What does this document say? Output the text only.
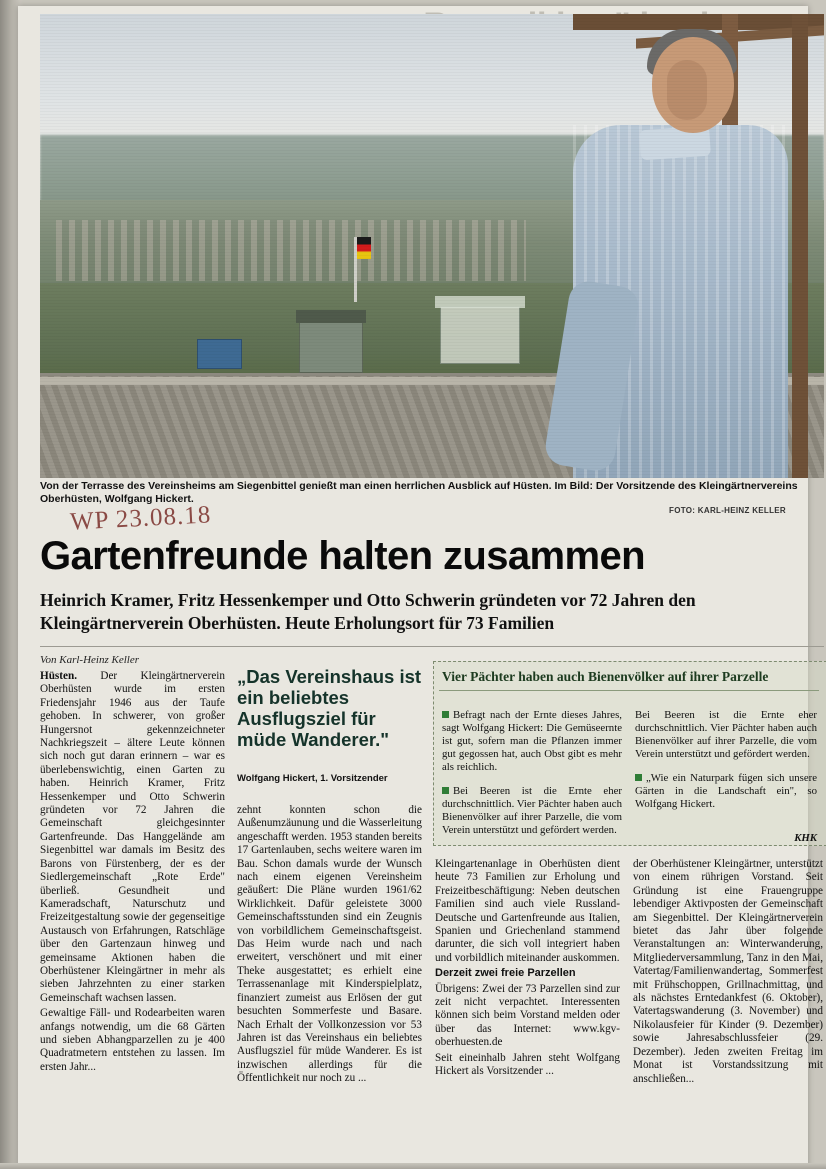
Von der Terrasse des Vereinsheims am Siegenbittel genießt man einen herrlichen Ausblick auf Hüsten. Im Bild: Der Vorsitzende des Kleingärtnervereins Oberhüsten, Wolfgang Hickert.
FOTO: KARL-HEINZ KELLER
WP 23.08.18
Gartenfreunde halten zusammen
Heinrich Kramer, Fritz Hessenkemper und Otto Schwerin gründeten vor 72 Jahren den Kleingärtnerverein Oberhüsten. Heute Erholungsort für 73 Familien
Von Karl-Heinz Keller
„Das Vereinshaus ist ein beliebtes Ausflugsziel für müde Wanderer."
Wolfgang Hickert, 1. Vorsitzender
Vier Pächter haben auch Bienenvölker auf ihrer Parzelle

Befragt nach der Ernte dieses Jahres, sagt Wolfgang Hickert: Die Gemüseernte ist gut, sofern man die Pflanzen immer gut gegossen hat, auch Obst gibt es mehr als reichlich.

Bei Beeren ist die Ernte eher durchschnittlich. Vier Pächter haben auch Bienenvölker auf ihrer Parzelle, die vom Verein unterstützt und gefördert werden.

Bei Beeren ist die Ernte eher durchschnittlich. Vier Pächter haben auch Bienenvölker auf ihrer Parzelle, die vom Verein unterstützt und gefördert werden.

„Wie ein Naturpark fügen sich unsere Gärten in die Landschaft ein", so Wolfgang Hickert.

KHK

Hüsten. Der Kleingärtnerverein Oberhüsten wurde im ersten Friedensjahr 1946 aus der Taufe gehoben. In schwerer, von großer Hungersnot gekennzeichneter Nachkriegszeit – ältere Leute können sich noch gut daran erinnern – war es überlebenswichtig, einen Garten zu haben. Heinrich Kramer, Fritz Hessenkemper und Otto Schwerin gründeten vor 72 Jahren die Gemeinschaft gleichgesinnter Gartenfreunde. Das Hanggelände am Siegenbittel war damals im Besitz des Barons von Fürstenberg, der es der Siedlergemeinschaft „Rote Erde" überließ. Gesundheit und Kameradschaft, Naturschutz und Freizeitgestaltung sowie der gegenseitige Austausch von Erfahrungen, Ratschläge über den Gartenzaun hinweg und gemeinsame Aktionen haben die Oberhüstener Kleingärtner in mehr als sieben Jahrzehnten zu einer starken Gemeinschaft wachsen lassen.

Gewaltige Fäll- und Rodearbeiten waren anfangs notwendig, um die 68 Gärten und sieben Abhangparzellen zu je 400 Quadratmetern entstehen zu lassen. Im ersten Jahr...

zehnt konnten schon die Außenumzäunung und die Wasserleitung angeschafft werden. 1953 standen bereits 17 Gartenlauben, sechs weitere waren im Bau. Schon damals wurde der Wunsch nach einem eigenen Vereinsheim geäußert: Die Pläne wurden 1961/62 Wirklichkeit. Dafür geleistete 3000 Gemeinschaftsstunden sind ein Zeugnis von vorbildlichem Gemeinschaftsgeist. Das Heim wurde nach und nach erweitert, verschönert und mit einer Theke ausgestattet; es erhielt eine Terrassenanlage mit Kinderspielplatz, finanziert zumeist aus Erlösen der gut besuchten Sommerfeste und Basare. Nach Erhalt der Vollkonzession vor 53 Jahren ist das Vereinshaus ein beliebtes Ausflugsziel für müde Wanderer. Es ist inzwischen allerdings für die Öffentlichkeit nur noch zu ...

Kleingartenanlage in Oberhüsten dient heute 73 Familien zur Erholung und Freizeitbeschäftigung: Neben deutschen Familien sind auch viele Russland-Deutsche und Gartenfreunde aus Italien, Spanien und Griechenland stammend darunter, die sich voll integriert haben und vorbildlich miteinander auskommen.

Derzeit zwei freie Parzellen

Übrigens: Zwei der 73 Parzellen sind zur zeit nicht verpachtet. Interessenten können sich beim Vorstand melden oder über das Internet: www.kgv-oberhuesten.de

Seit eineinhalb Jahren steht Wolfgang Hickert als Vorsitzender ...

der Oberhüstener Kleingärtner, unterstützt von einem rührigen Vorstand. Seit Gründung ist eine Frauengruppe lebendiger Aktivposten der Gemeinschaft am Siegenbittel. Der Kleingärtnerverein bietet das Jahr über folgende Veranstaltungen an: Winterwanderung, Mitgliederversammlung, Tanz in den Mai, Vatertag/Familienwandertag, Sommerfest mit Frühschoppen, Grillnachmittag, und als nächstes Erntedankfest (6. Oktober), Vatertagswanderung (3. November) und Nikolausfeier für Kinder (9. Dezember) sowie Jahresabschlussfeier (29. Dezember). Jeden zweiten Freitag im Monat ist Vorstandssitzung mit anschließen...
